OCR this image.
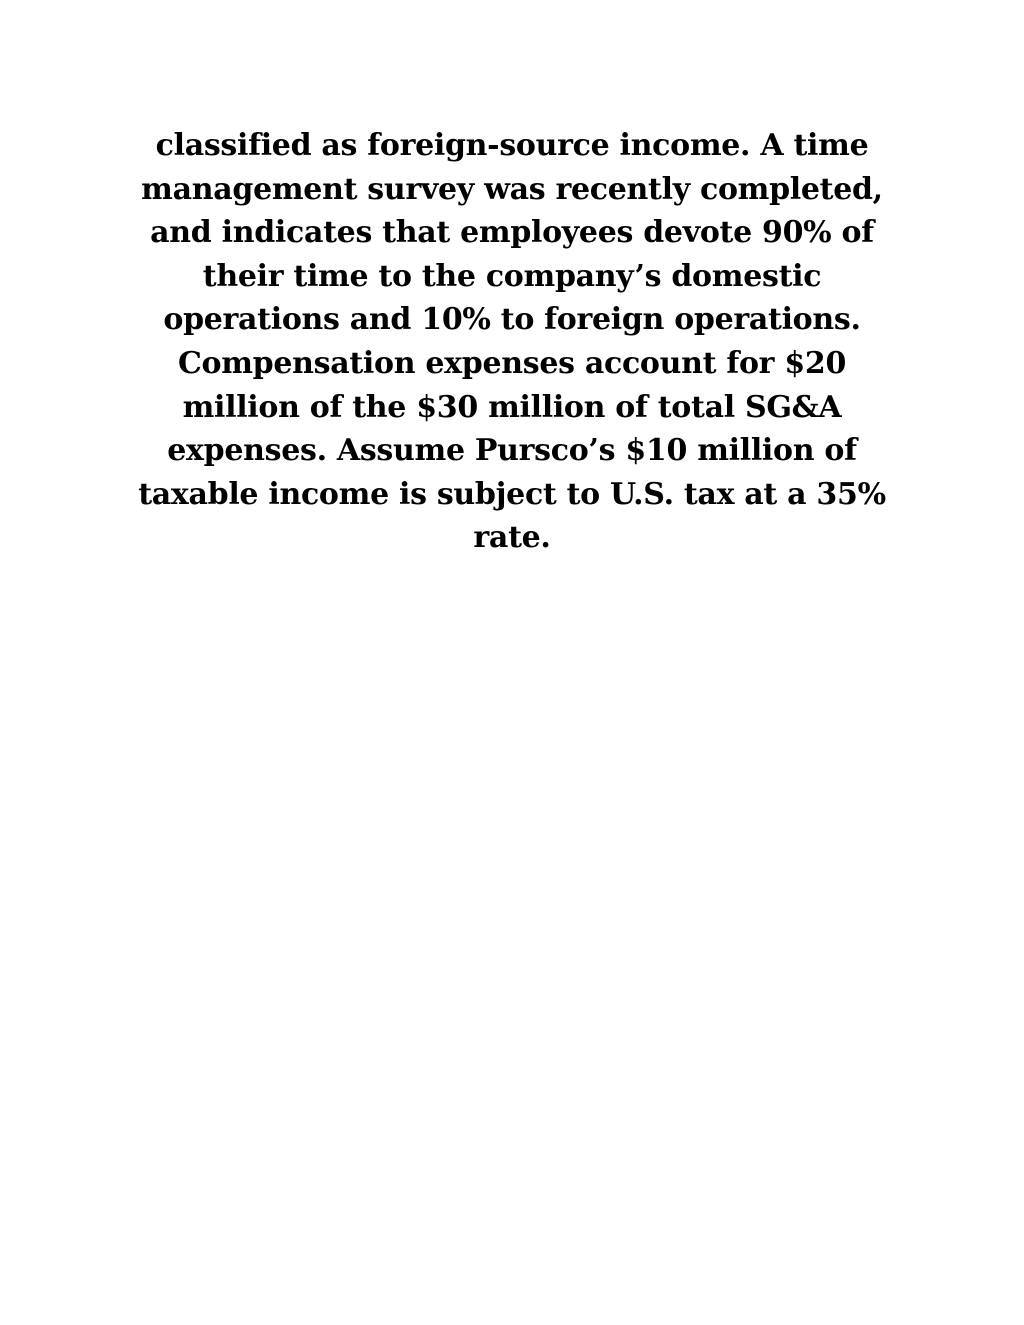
classified as foreign-source income. A time
management survey was recently completed,
and indicates that employees devote 90% of
their time to the company’s domestic
operations and 10% to foreign operations.
Compensation expenses account for $20
million of the $30 million of total SG&A
expenses. Assume Pursco’s $10 million of
taxable income is subject to U.S. tax at a 35%
rate.
